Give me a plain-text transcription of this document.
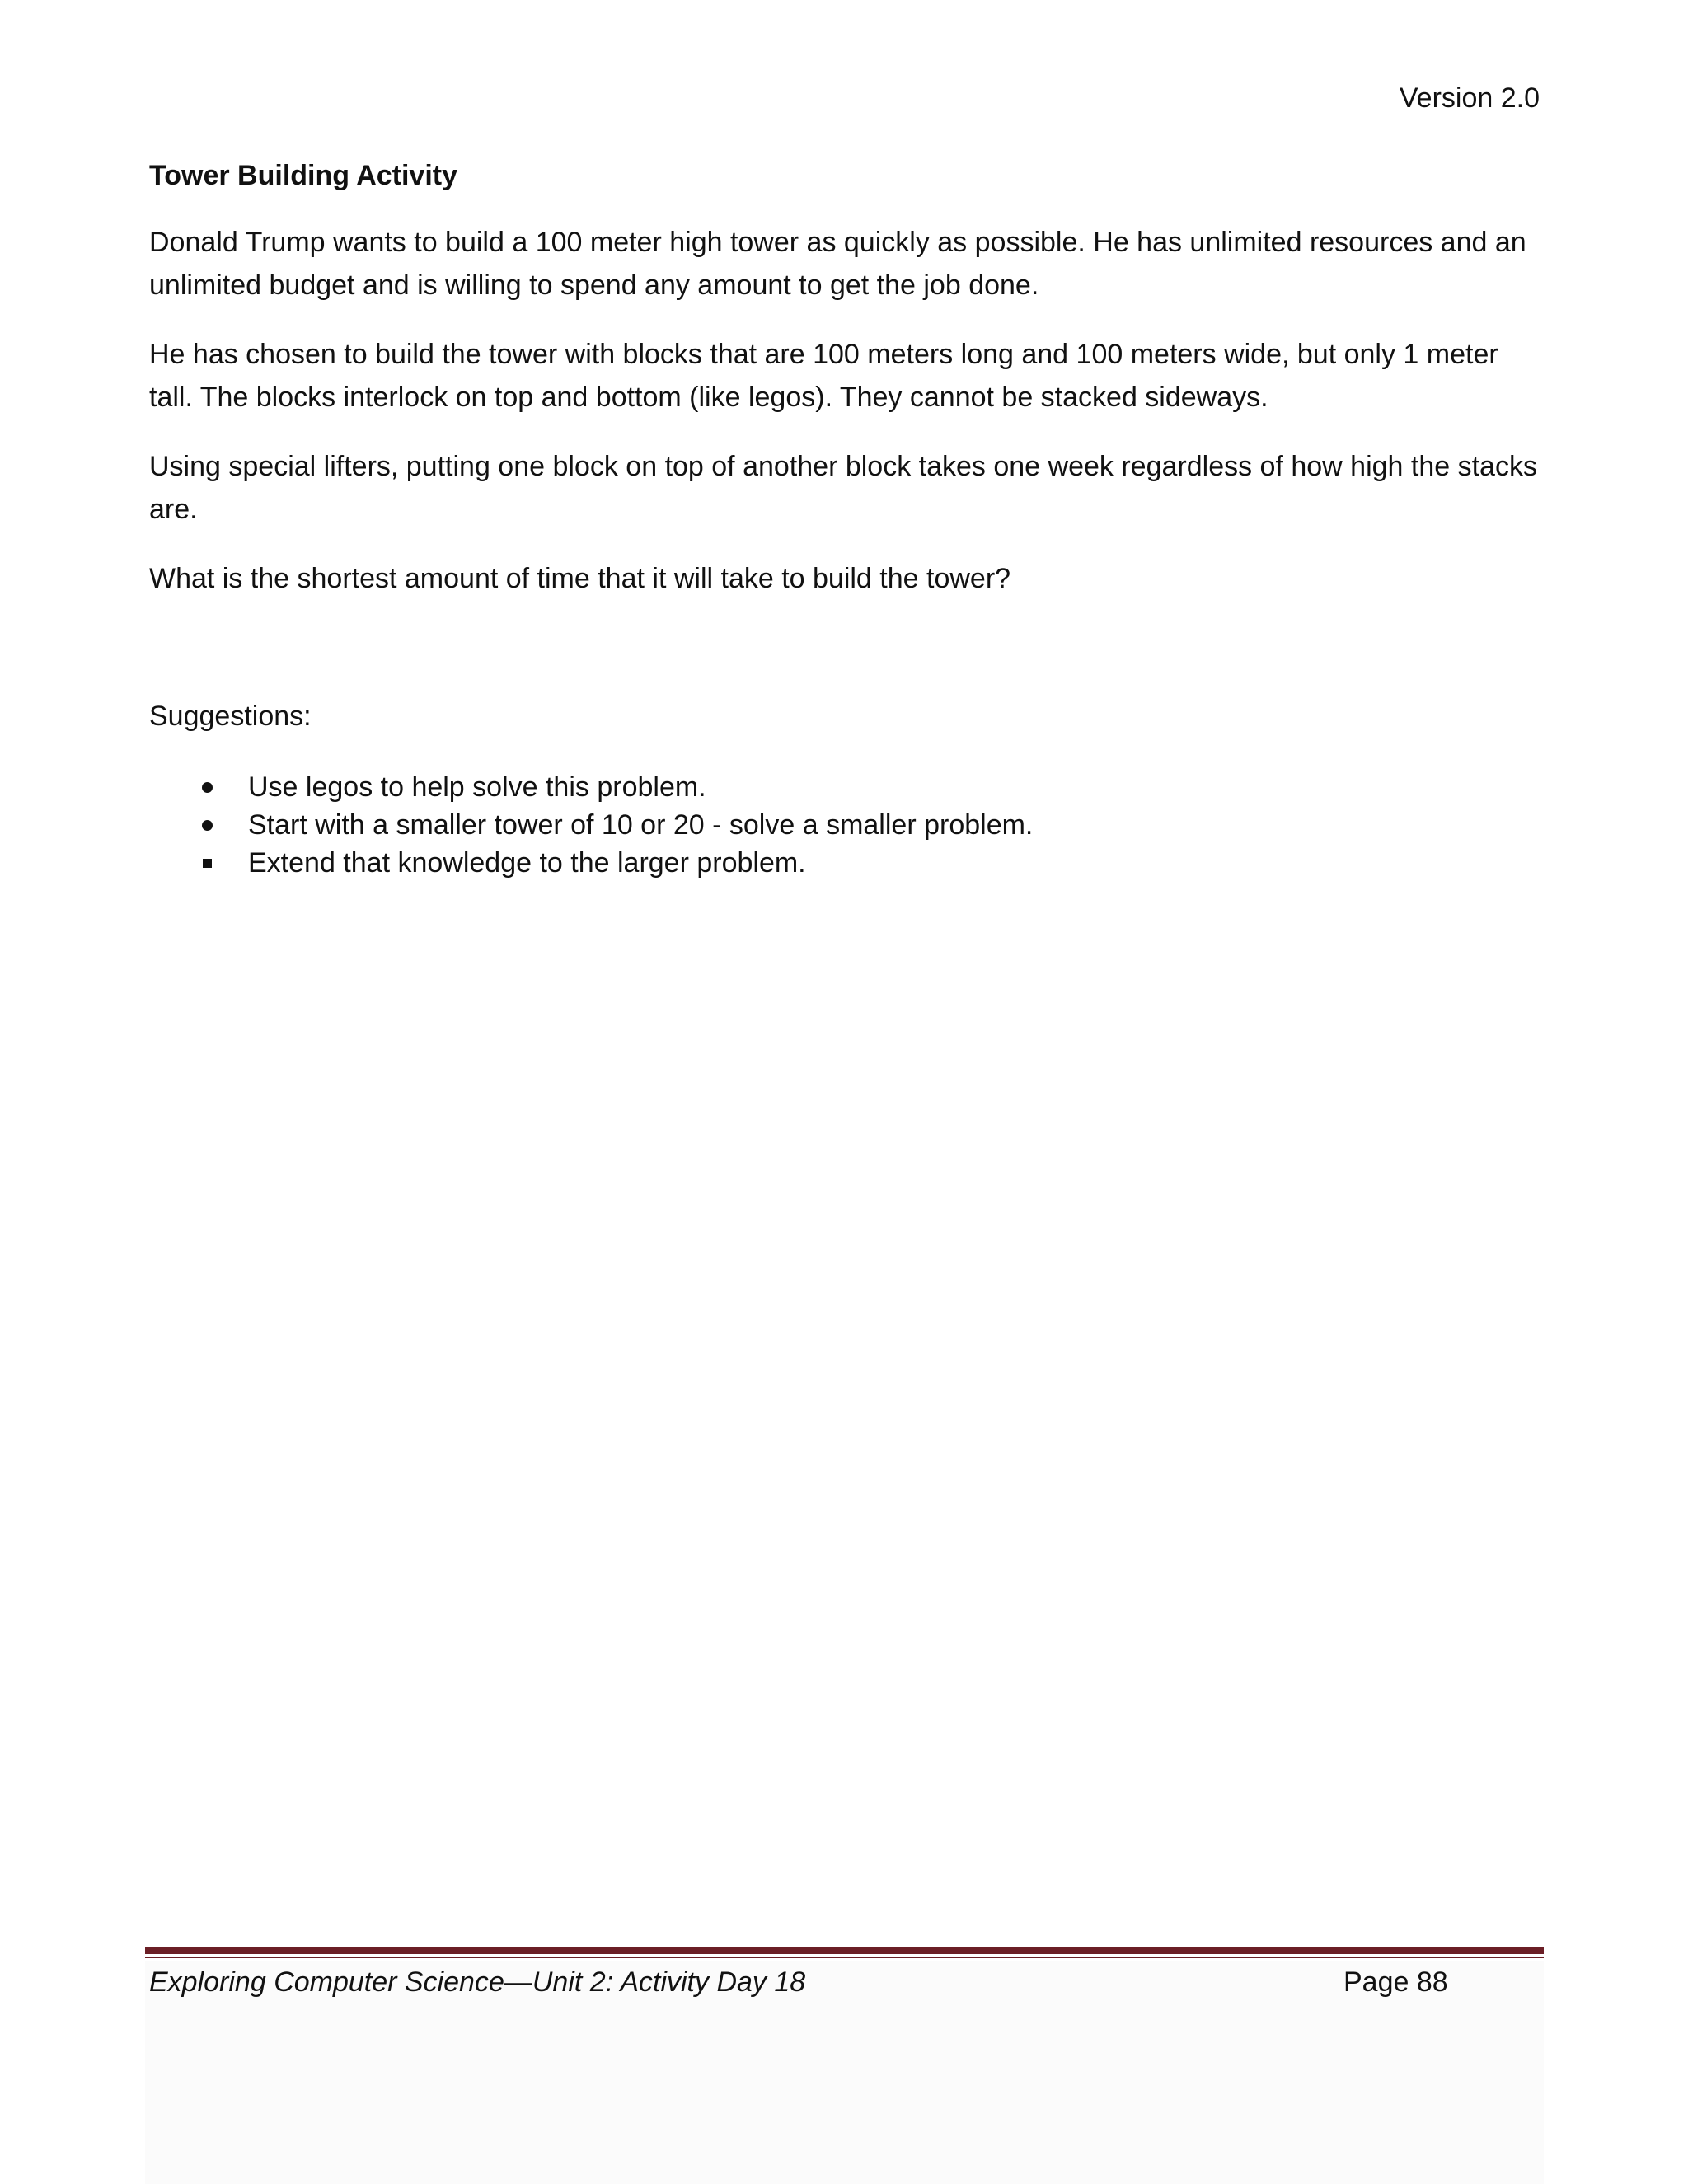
Version 2.0
Tower Building Activity

Donald Trump wants to build a 100 meter high tower as quickly as possible. He has unlimited resources and an unlimited budget and is willing to spend any amount to get the job done.

He has chosen to build the tower with blocks that are 100 meters long and 100 meters wide, but only 1 meter tall. The blocks interlock on top and bottom (like legos). They cannot be stacked sideways.

Using special lifters, putting one block on top of another block takes one week regardless of how high the stacks are.

What is the shortest amount of time that it will take to build the tower?

Suggestions:
Use legos to help solve this problem.
Start with a smaller tower of 10 or 20 - solve a smaller problem.
Extend that knowledge to the larger problem.
Exploring Computer Science—Unit 2: Activity Day 18	Page 88
